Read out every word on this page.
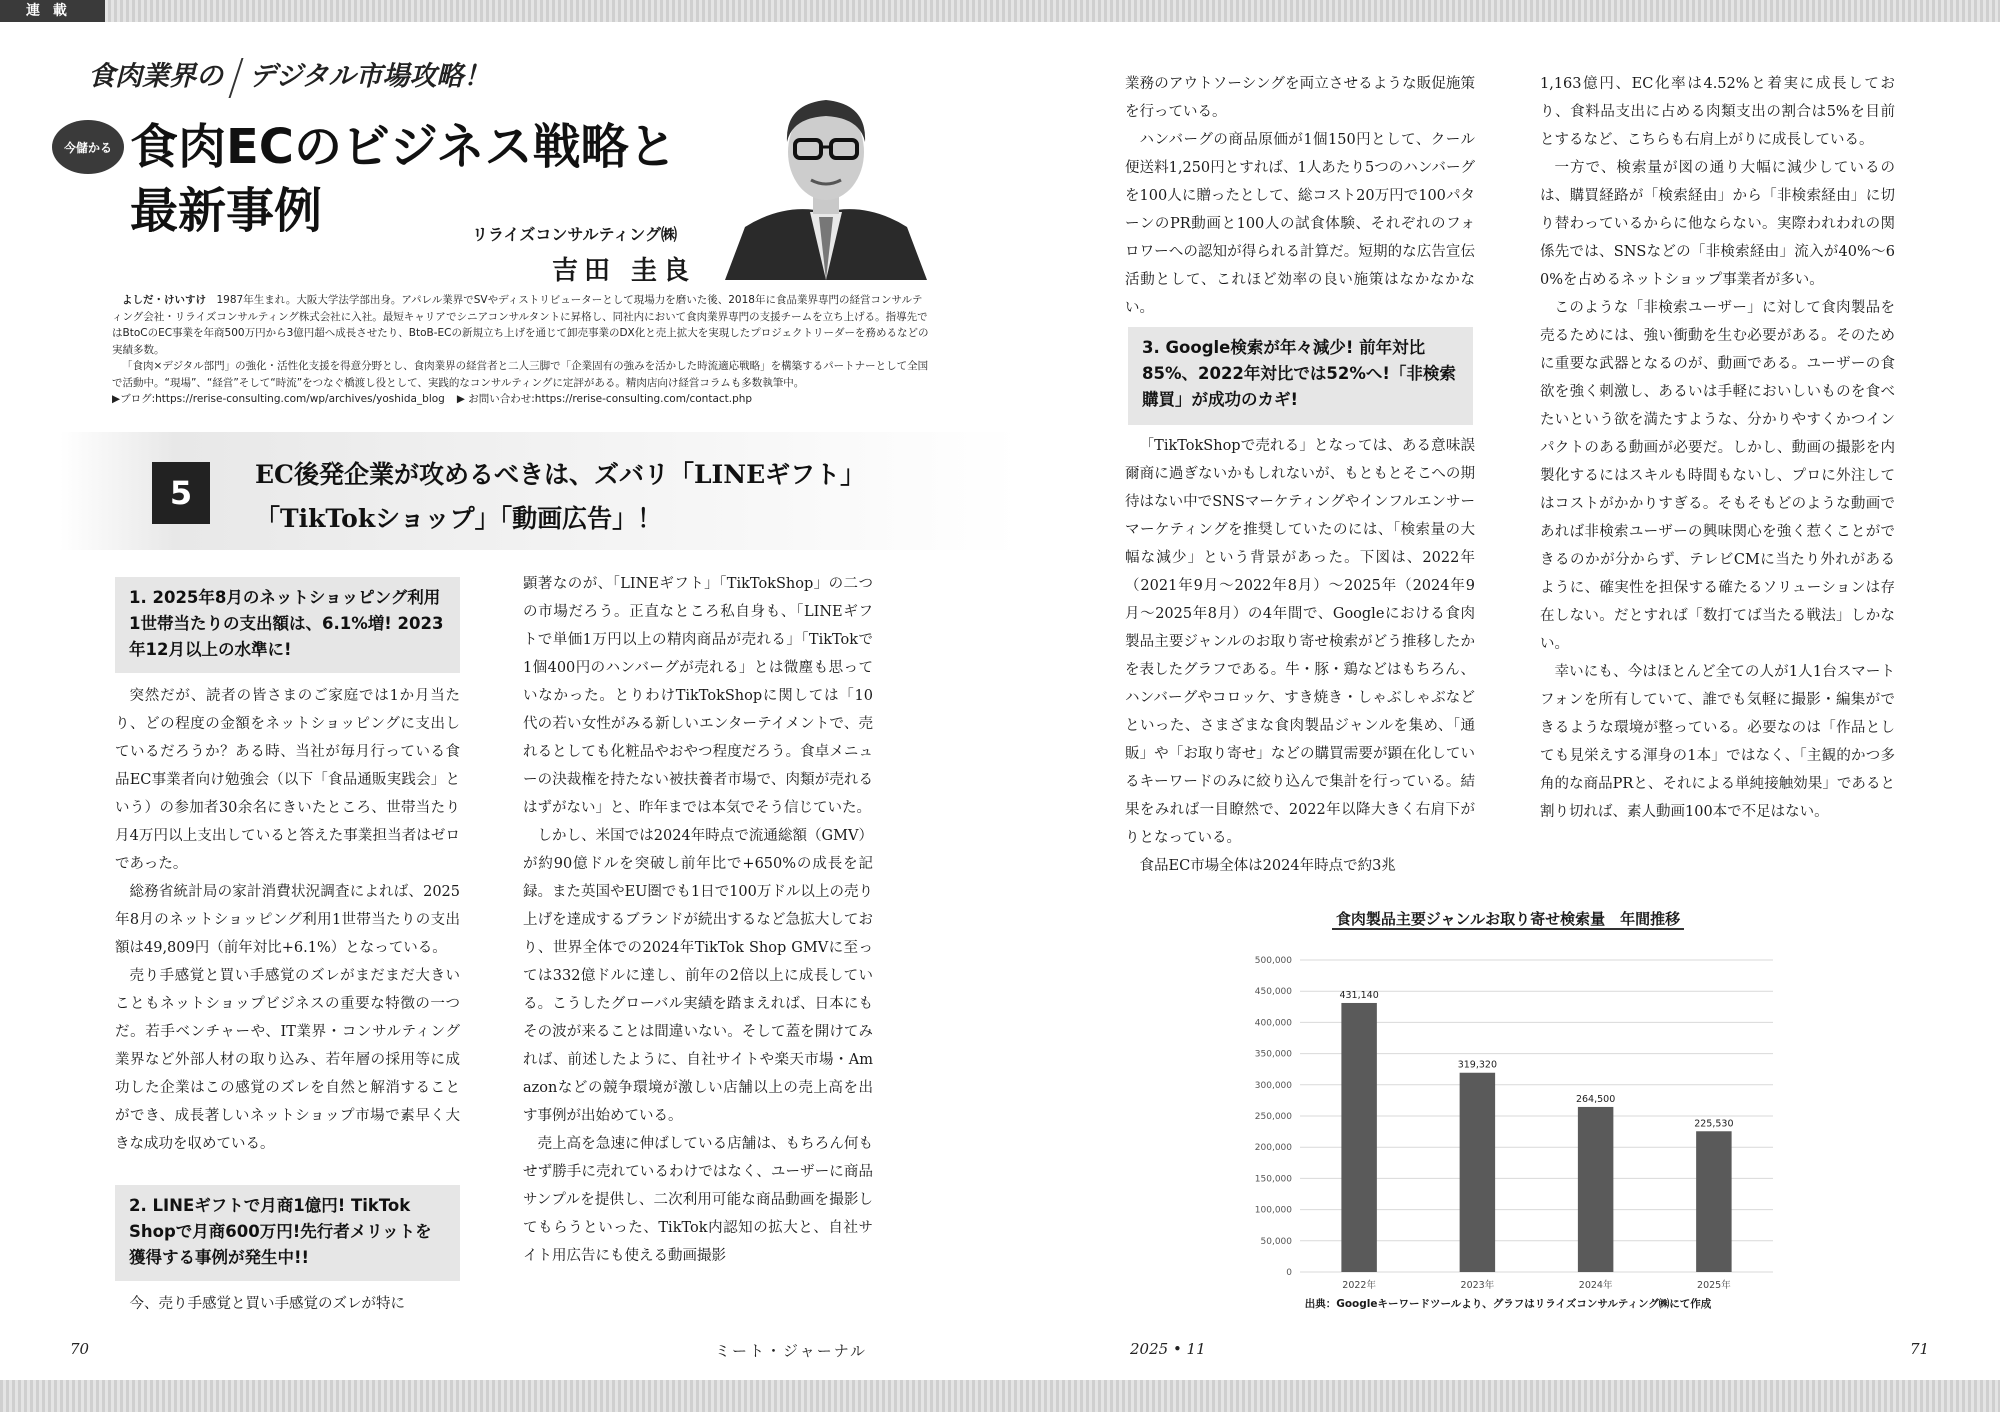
連 載
食肉業界の デジタル市場攻略！
今儲かる 食肉ECのビジネス戦略と
最新事例	リライズコンサルティング㈱
吉田 圭良

よしだ・けいすけ　 1987年生まれ。大阪大学法学部出身。アパレル業界でSVやディストリビューターとして現場力を磨いた後、2018年に食品業界専門の経営コンサルティング会社・リライズコンサルティング株式会社に入社。最短キャリアでシニアコンサルタントに昇格し、同社内において食肉業界専門の支援チームを立ち上げる。指導先ではBtoCのEC事業を年商500万円から3億円超へ成長させたり、BtoB-ECの新規立ち上げを通じて卸売事業のDX化と売上拡大を実現したプロジェクトリーダーを務めるなどの実績多数。

「食肉×デジタル部門」の強化・活性化支援を得意分野とし、食肉業界の経営者と二人三脚で「企業固有の強みを活かした時流適応戦略」を構築するパートナーとして全国で活動中。“現場”、“経営”そして“時流”をつなぐ橋渡し役として、実践的なコンサルティングに定評がある。精肉店向け経営コラムも多数執筆中。

▶ブログ:https://rerise-consulting.com/wp/archives/yoshida_blog ▶ お問い合わせ:https://rerise-consulting.com/contact.php
5	EC後発企業が攻めるべきは、ズバリ「LINEギフト」
「TikTokショップ」「動画広告」！
1. 2025年8月のネットショッピング利用1世帯当たりの支出額は、6.1%増! 2023年12月以上の水準に!

突然だが、読者の皆さまのご家庭では1か月当たり、どの程度の金額をネットショッピングに支出しているだろうか？ある時、当社が毎月行っている食品EC事業者向け勉強会（以下「食品通販実践会」という）の参加者30余名にきいたところ、世帯当たり月4万円以上支出していると答えた事業担当者はゼロであった。

総務省統計局の家計消費状況調査によれば、2025年8月のネットショッピング利用1世帯当たりの支出額は49,809円（前年対比+6.1%）となっている。

売り手感覚と買い手感覚のズレがまだまだ大きいこともネットショップビジネスの重要な特徴の一つだ。若手ベンチャーや、IT業界・コンサルティング業界など外部人材の取り込み、若年層の採用等に成功した企業はこの感覚のズレを自然と解消することができ、成長著しいネットショップ市場で素早く大きな成功を収めている。

2. LINEギフトで月商1億円! TikTok Shopで月商600万円!先行者メリットを獲得する事例が発生中!!

今、売り手感覚と買い手感覚のズレが特に

顕著なのが、「LINEギフト」「TikTokShop」の二つの市場だろう。正直なところ私自身も、「LINEギフトで単価1万円以上の精肉商品が売れる」「TikTokで1個400円のハンバーグが売れる」とは微塵も思っていなかった。とりわけTikTokShopに関しては「10代の若い女性がみる新しいエンターテイメントで、売れるとしても化粧品やおやつ程度だろう。食卓メニューの決裁権を持たない被扶養者市場で、肉類が売れるはずがない」と、昨年までは本気でそう信じていた。

しかし、米国では2024年時点で流通総額（GMV）が約90億ドルを突破し前年比で+650%の成長を記録。また英国やEU圏でも1日で100万ドル以上の売り上げを達成するブランドが続出するなど急拡大しており、世界全体での2024年TikTok Shop GMVに至っては332億ドルに達し、前年の2倍以上に成長している。こうしたグローバル実績を踏まえれば、日本にもその波が来ることは間違いない。そして蓋を開けてみれば、前述したように、自社サイトや楽天市場・Amazonなどの競争環境が激しい店舗以上の売上高を出す事例が出始めている。

売上高を急速に伸ばしている店舗は、もちろん何もせず勝手に売れているわけではなく、ユーザーに商品サンプルを提供し、二次利用可能な商品動画を撮影してもらうといった、TikTok内認知の拡大と、自社サイト用広告にも使える動画撮影

業務のアウトソーシングを両立させるような販促施策を行っている。

ハンバーグの商品原価が1個150円として、クール便送料1,250円とすれば、1人あたり5つのハンバーグを100人に贈ったとして、総コスト20万円で100パターンのPR動画と100人の試食体験、それぞれのフォロワーへの認知が得られる計算だ。短期的な広告宣伝活動として、これほど効率の良い施策はなかなかない。

3. Google検索が年々減少! 前年対比85%、2022年対比では52%へ!「非検索購買」が成功のカギ!

「TikTokShopで売れる」となっては、ある意味誤爾商に過ぎないかもしれないが、もともとそこへの期待はない中でSNSマーケティングやインフルエンサーマーケティングを推奨していたのには、「検索量の大幅な減少」という背景があった。下図は、2022年（2021年9月〜2022年8月）〜2025年（2024年9月〜2025年8月）の4年間で、Googleにおける食肉製品主要ジャンルのお取り寄せ検索がどう推移したかを表したグラフである。牛・豚・鶏などはもちろん、ハンバーグやコロッケ、すき焼き・しゃぶしゃぶなどといった、さまざまな食肉製品ジャンルを集め、「通販」や「お取り寄せ」などの購買需要が顕在化しているキーワードのみに絞り込んで集計を行っている。結果をみれば一目瞭然で、2022年以降大きく右肩下がりとなっている。

食品EC市場全体は2024年時点で約3兆

1,163億円、EC化率は4.52%と着実に成長しており、食料品支出に占める肉類支出の割合は5%を目前とするなど、こちらも右肩上がりに成長している。

一方で、検索量が図の通り大幅に減少しているのは、購買経路が「検索経由」から「非検索経由」に切り替わっているからに他ならない。実際われわれの関係先では、SNSなどの「非検索経由」流入が40%〜60%を占めるネットショップ事業者が多い。

このような「非検索ユーザー」に対して食肉製品を売るためには、強い衝動を生む必要がある。そのために重要な武器となるのが、動画である。ユーザーの食欲を強く刺激し、あるいは手軽においしいものを食べたいという欲を満たすような、分かりやすくかつインパクトのある動画が必要だ。しかし、動画の撮影を内製化するにはスキルも時間もないし、プロに外注してはコストがかかりすぎる。そもそもどのような動画であれば非検索ユーザーの興味関心を強く惹くことができるのかが分からず、テレビCMに当たり外れがあるように、確実性を担保する確たるソリューションは存在しない。だとすれば「数打てば当たる戦法」しかない。

幸いにも、今はほとんど全ての人が1人1台スマートフォンを所有していて、誰でも気軽に撮影・編集ができるような環境が整っている。必要なのは「作品としても見栄えする渾身の1本」ではなく、「主観的かつ多角的な商品PRと、それによる単純接触効果」であると割り切れば、素人動画100本で不足はない。

食肉製品主要ジャンルお取り寄せ検索量　年間推移
0
50,000
100,000
150,000
200,000
250,000
300,000
350,000
400,000
450,000
500,000
431,140
2022年
319,320
2023年
264,500
2024年
225,530
2025年
出典：Googleキーワードツールより、グラフはリライズコンサルティング㈱にて作成
70	ミート・ジャーナル	2025 • 11	71
